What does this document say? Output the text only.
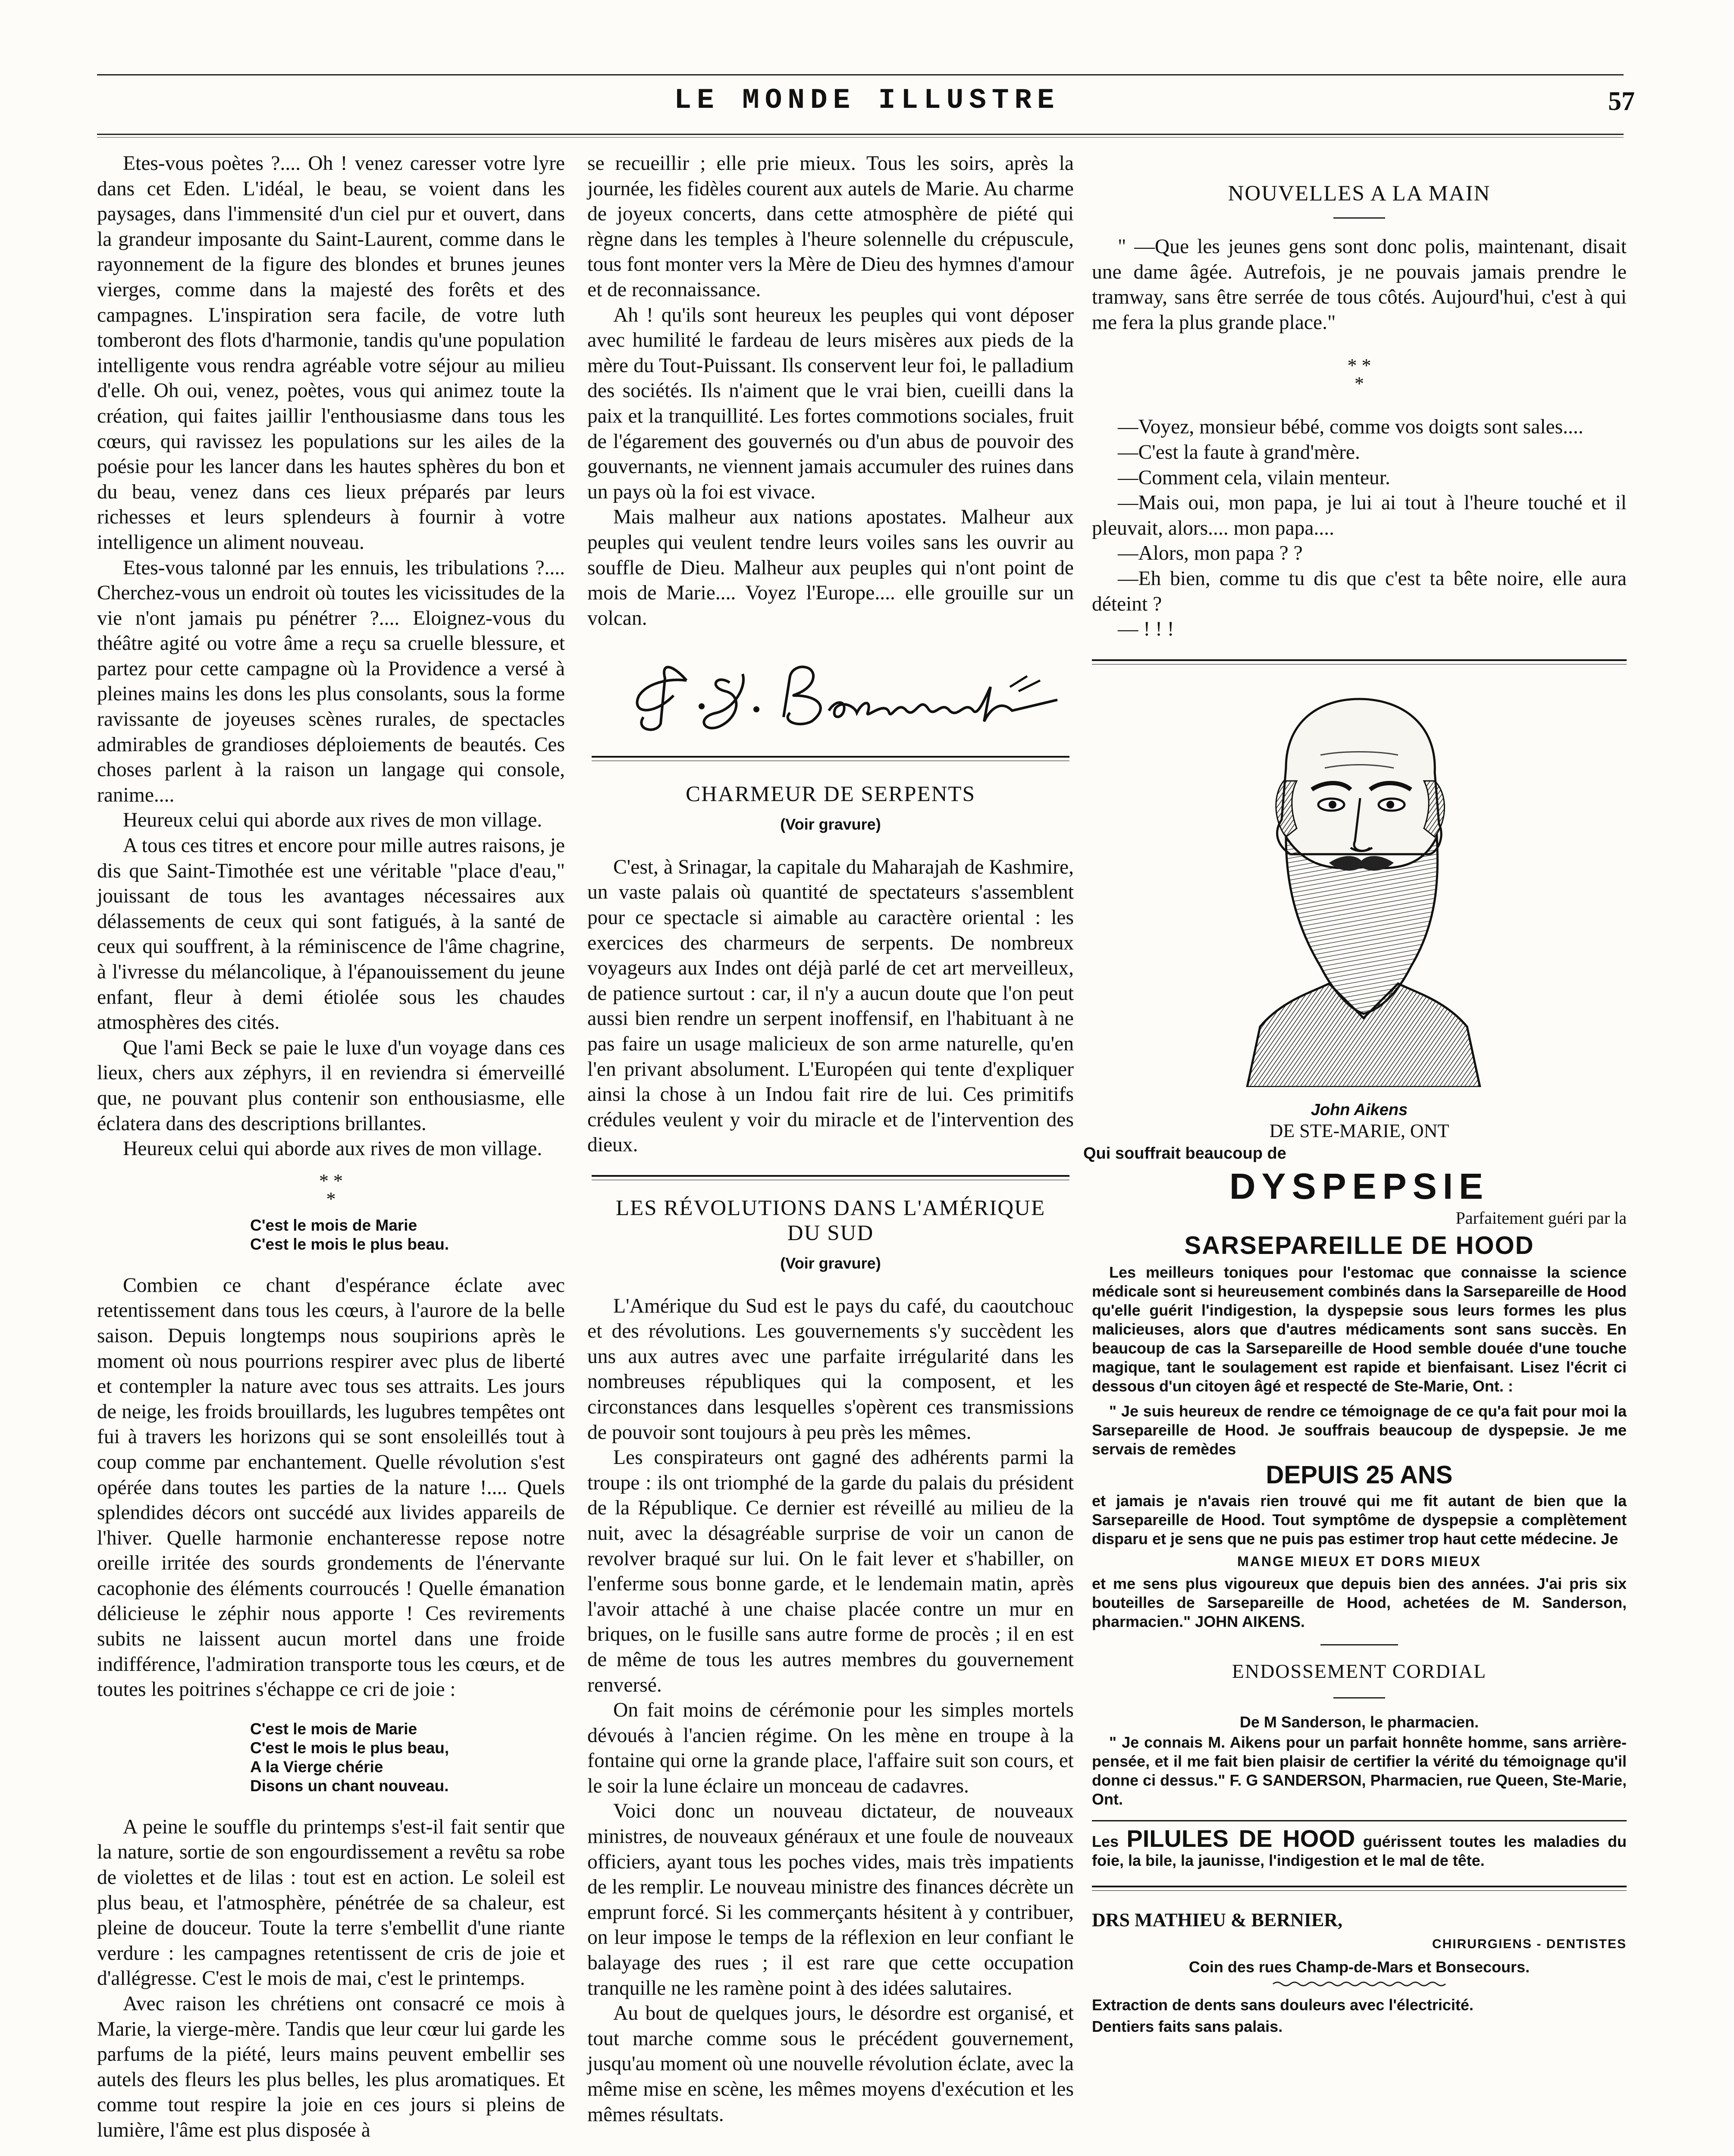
LE MONDE ILLUSTRE	57

Etes-vous poètes ?.... Oh ! venez caresser votre lyre dans cet Eden. L'idéal, le beau, se voient dans les paysages, dans l'immensité d'un ciel pur et ouvert, dans la grandeur imposante du Saint-Laurent, comme dans le rayonnement de la figure des blondes et brunes jeunes vierges, comme dans la majesté des forêts et des campagnes. L'inspiration sera facile, de votre luth tomberont des flots d'harmonie, tandis qu'une population intelligente vous rendra agréable votre séjour au milieu d'elle. Oh oui, venez, poètes, vous qui animez toute la création, qui faites jaillir l'enthousiasme dans tous les cœurs, qui ravissez les populations sur les ailes de la poésie pour les lancer dans les hautes sphères du bon et du beau, venez dans ces lieux préparés par leurs richesses et leurs splendeurs à fournir à votre intelligence un aliment nouveau.

Etes-vous talonné par les ennuis, les tribulations ?.... Cherchez-vous un endroit où toutes les vicissitudes de la vie n'ont jamais pu pénétrer ?.... Eloignez-vous du théâtre agité ou votre âme a reçu sa cruelle blessure, et partez pour cette campagne où la Providence a versé à pleines mains les dons les plus consolants, sous la forme ravissante de joyeuses scènes rurales, de spectacles admirables de grandioses déploiements de beautés. Ces choses parlent à la raison un langage qui console, ranime....

Heureux celui qui aborde aux rives de mon village.

A tous ces titres et encore pour mille autres raisons, je dis que Saint-Timothée est une véritable "place d'eau," jouissant de tous les avantages nécessaires aux délassements de ceux qui sont fatigués, à la santé de ceux qui souffrent, à la réminiscence de l'âme chagrine, à l'ivresse du mélancolique, à l'épanouissement du jeune enfant, fleur à demi étiolée sous les chaudes atmosphères des cités.

Que l'ami Beck se paie le luxe d'un voyage dans ces lieux, chers aux zéphyrs, il en reviendra si émerveillé que, ne pouvant plus contenir son enthousiasme, elle éclatera dans des descriptions brillantes.

Heureux celui qui aborde aux rives de mon village.

* *
*
C'est le mois de Marie
C'est le mois le plus beau.

Combien ce chant d'espérance éclate avec retentissement dans tous les cœurs, à l'aurore de la belle saison. Depuis longtemps nous soupirions après le moment où nous pourrions respirer avec plus de liberté et contempler la nature avec tous ses attraits. Les jours de neige, les froids brouillards, les lugubres tempêtes ont fui à travers les horizons qui se sont ensoleillés tout à coup comme par enchantement. Quelle révolution s'est opérée dans toutes les parties de la nature !.... Quels splendides décors ont succédé aux livides appareils de l'hiver. Quelle harmonie enchanteresse repose notre oreille irritée des sourds grondements de l'énervante cacophonie des éléments courroucés ! Quelle émanation délicieuse le zéphir nous apporte ! Ces revirements subits ne laissent aucun mortel dans une froide indifférence, l'admiration transporte tous les cœurs, et de toutes les poitrines s'échappe ce cri de joie :

C'est le mois de Marie
C'est le mois le plus beau,
A la Vierge chérie
Disons un chant nouveau.

A peine le souffle du printemps s'est-il fait sentir que la nature, sortie de son engourdissement a revêtu sa robe de violettes et de lilas : tout est en action. Le soleil est plus beau, et l'atmosphère, pénétrée de sa chaleur, est pleine de douceur. Toute la terre s'embellit d'une riante verdure : les campagnes retentissent de cris de joie et d'allégresse. C'est le mois de mai, c'est le printemps.

Avec raison les chrétiens ont consacré ce mois à Marie, la vierge-mère. Tandis que leur cœur lui garde les parfums de la piété, leurs mains peuvent embellir ses autels des fleurs les plus belles, les plus aromatiques. Et comme tout respire la joie en ces jours si pleins de lumière, l'âme est plus disposée à

se recueillir ; elle prie mieux. Tous les soirs, après la journée, les fidèles courent aux autels de Marie. Au charme de joyeux concerts, dans cette atmosphère de piété qui règne dans les temples à l'heure solennelle du crépuscule, tous font monter vers la Mère de Dieu des hymnes d'amour et de reconnaissance.

Ah ! qu'ils sont heureux les peuples qui vont déposer avec humilité le fardeau de leurs misères aux pieds de la mère du Tout-Puissant. Ils conservent leur foi, le palladium des sociétés. Ils n'aiment que le vrai bien, cueilli dans la paix et la tranquillité. Les fortes commotions sociales, fruit de l'égarement des gouvernés ou d'un abus de pouvoir des gouvernants, ne viennent jamais accumuler des ruines dans un pays où la foi est vivace.

Mais malheur aux nations apostates. Malheur aux peuples qui veulent tendre leurs voiles sans les ouvrir au souffle de Dieu. Malheur aux peuples qui n'ont point de mois de Marie.... Voyez l'Europe.... elle grouille sur un volcan.

CHARMEUR DE SERPENTS
(Voir gravure)

C'est, à Srinagar, la capitale du Maharajah de Kashmire, un vaste palais où quantité de spectateurs s'assemblent pour ce spectacle si aimable au caractère oriental : les exercices des charmeurs de serpents. De nombreux voyageurs aux Indes ont déjà parlé de cet art merveilleux, de patience surtout : car, il n'y a aucun doute que l'on peut aussi bien rendre un serpent inoffensif, en l'habituant à ne pas faire un usage malicieux de son arme naturelle, qu'en l'en privant absolument. L'Européen qui tente d'expliquer ainsi la chose à un Indou fait rire de lui. Ces primitifs crédules veulent y voir du miracle et de l'intervention des dieux.

LES RÉVOLUTIONS DANS L'AMÉRIQUE DU SUD
(Voir gravure)

L'Amérique du Sud est le pays du café, du caoutchouc et des révolutions. Les gouvernements s'y succèdent les uns aux autres avec une parfaite irrégularité dans les nombreuses républiques qui la composent, et les circonstances dans lesquelles s'opèrent ces transmissions de pouvoir sont toujours à peu près les mêmes.

Les conspirateurs ont gagné des adhérents parmi la troupe : ils ont triomphé de la garde du palais du président de la République. Ce dernier est réveillé au milieu de la nuit, avec la désagréable surprise de voir un canon de revolver braqué sur lui. On le fait lever et s'habiller, on l'enferme sous bonne garde, et le lendemain matin, après l'avoir attaché à une chaise placée contre un mur en briques, on le fusille sans autre forme de procès ; il en est de même de tous les autres membres du gouvernement renversé.

On fait moins de cérémonie pour les simples mortels dévoués à l'ancien régime. On les mène en troupe à la fontaine qui orne la grande place, l'affaire suit son cours, et le soir la lune éclaire un monceau de cadavres.

Voici donc un nouveau dictateur, de nouveaux ministres, de nouveaux généraux et une foule de nouveaux officiers, ayant tous les poches vides, mais très impatients de les remplir. Le nouveau ministre des finances décrète un emprunt forcé. Si les commerçants hésitent à y contribuer, on leur impose le temps de la réflexion en leur confiant le balayage des rues ; il est rare que cette occupation tranquille ne les ramène point à des idées salutaires.

Au bout de quelques jours, le désordre est organisé, et tout marche comme sous le précédent gouvernement, jusqu'au moment où une nouvelle révolution éclate, avec la même mise en scène, les mêmes moyens d'exécution et les mêmes résultats.

NOUVELLES A LA MAIN

" —Que les jeunes gens sont donc polis, maintenant, disait une dame âgée. Autrefois, je ne pouvais jamais prendre le tramway, sans être serrée de tous côtés. Aujourd'hui, c'est à qui me fera la plus grande place."

* *
*

—Voyez, monsieur bébé, comme vos doigts sont sales....

—C'est la faute à grand'mère.

—Comment cela, vilain menteur.

—Mais oui, mon papa, je lui ai tout à l'heure touché et il pleuvait, alors.... mon papa....

—Alors, mon papa ? ?

—Eh bien, comme tu dis que c'est ta bête noire, elle aura déteint ?

— ! ! !

John Aikens
DE STE-MARIE, ONT
Qui souffrait beaucoup de
DYSPEPSIE
Parfaitement guéri par la
SARSEPAREILLE DE HOOD

Les meilleurs toniques pour l'estomac que connaisse la science médicale sont si heureusement combinés dans la Sarsepareille de Hood qu'elle guérit l'indigestion, la dyspepsie sous leurs formes les plus malicieuses, alors que d'autres médicaments sont sans succès. En beaucoup de cas la Sarsepareille de Hood semble douée d'une touche magique, tant le soulagement est rapide et bienfaisant. Lisez l'écrit ci dessous d'un citoyen âgé et respecté de Ste-Marie, Ont. :

" Je suis heureux de rendre ce témoignage de ce qu'a fait pour moi la Sarsepareille de Hood. Je souffrais beaucoup de dyspepsie. Je me servais de remèdes

DEPUIS 25 ANS

et jamais je n'avais rien trouvé qui me fit autant de bien que la Sarsepareille de Hood. Tout symptôme de dyspepsie a complètement disparu et je sens que ne puis pas estimer trop haut cette médecine. Je

MANGE MIEUX ET DORS MIEUX

et me sens plus vigoureux que depuis bien des années. J'ai pris six bouteilles de Sarsepareille de Hood, achetées de M. Sanderson, pharmacien." JOHN AIKENS.

ENDOSSEMENT CORDIAL
De M Sanderson, le pharmacien.

" Je connais M. Aikens pour un parfait honnête homme, sans arrière-pensée, et il me fait bien plaisir de certifier la vérité du témoignage qu'il donne ci dessus." F. G SANDERSON, Pharmacien, rue Queen, Ste-Marie, Ont.

Les PILULES DE HOOD guérissent toutes les maladies du foie, la bile, la jaunisse, l'indigestion et le mal de tête.

DRS MATHIEU & BERNIER,
CHIRURGIENS - DENTISTES
Coin des rues Champ-de-Mars et Bonsecours.
Extraction de dents sans douleurs avec l'électricité.
Dentiers faits sans palais.
